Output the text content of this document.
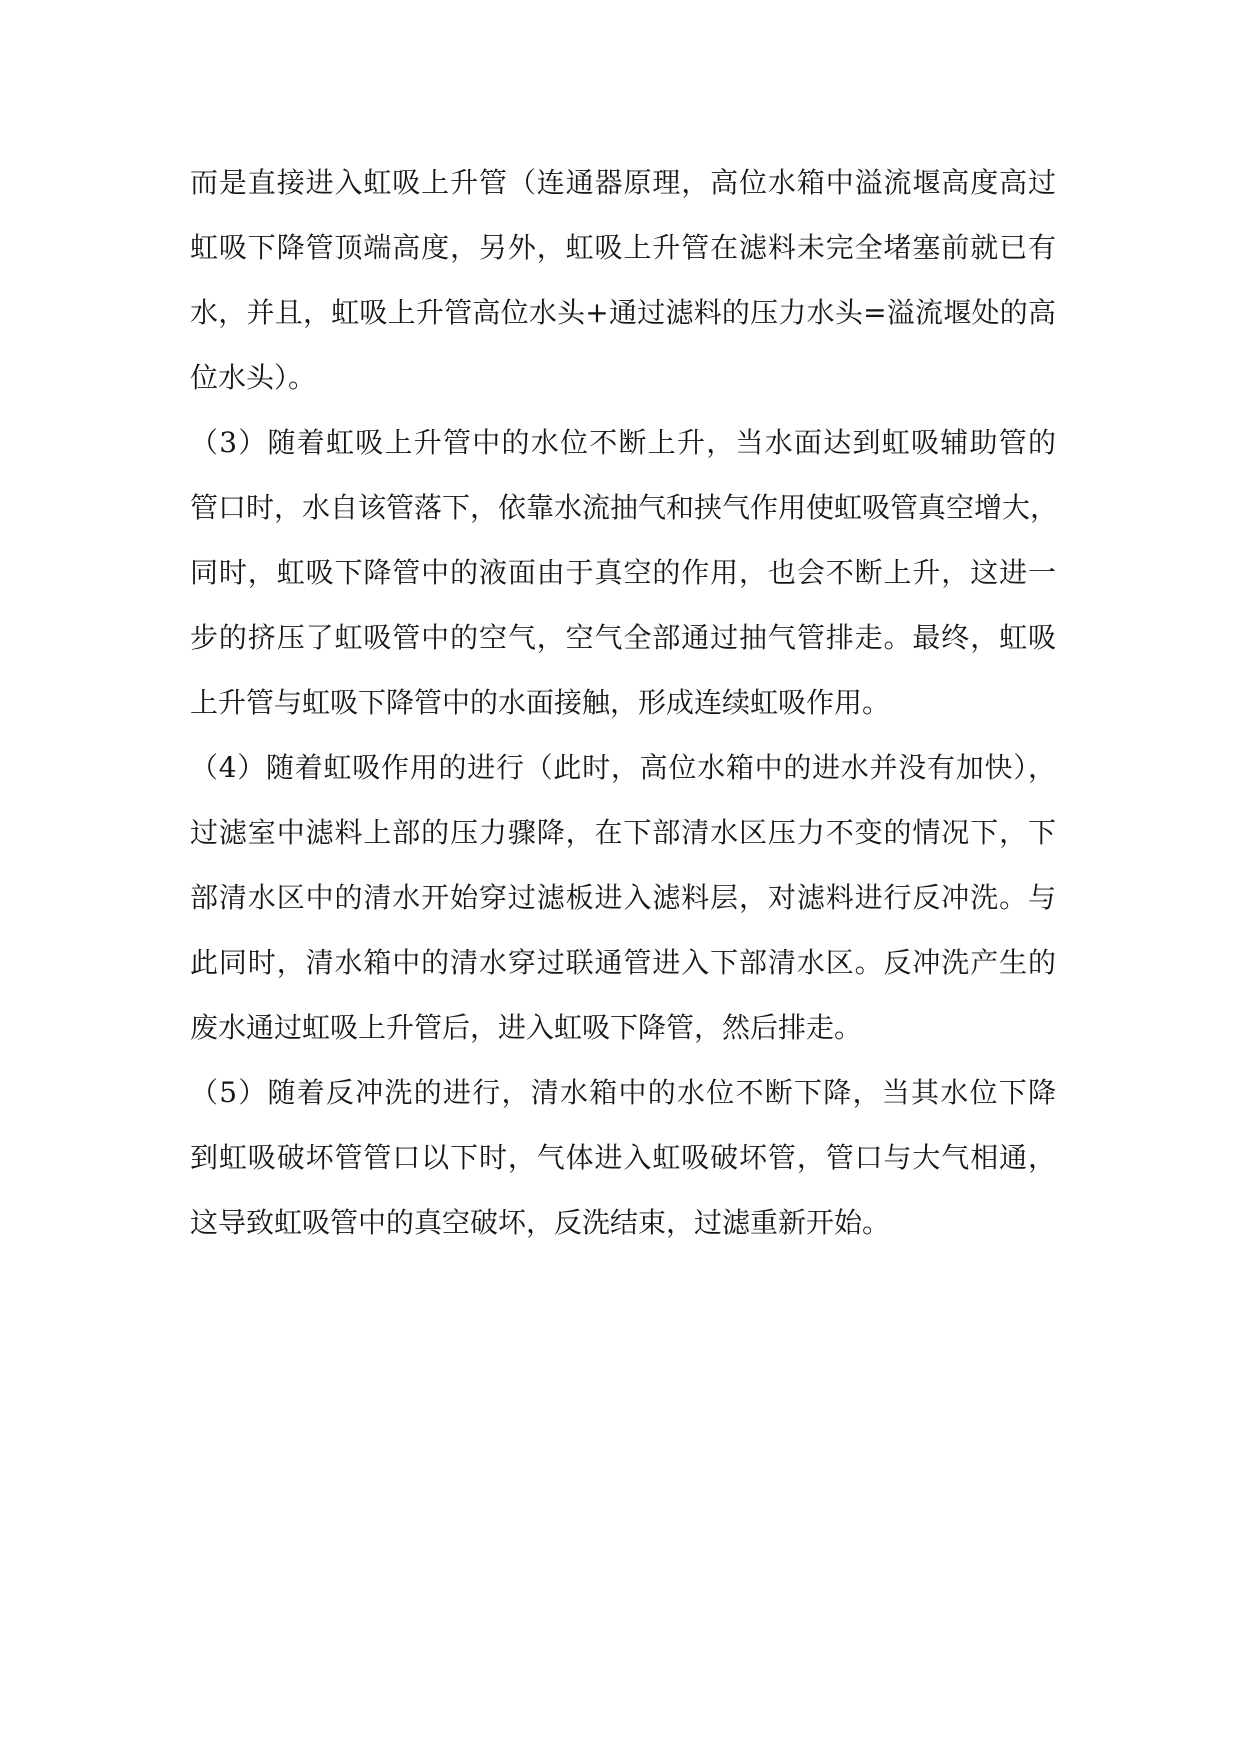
而是直接进入虹吸上升管（连通器原理，高位水箱中溢流堰高度高过
虹吸下降管顶端高度，另外，虹吸上升管在滤料未完全堵塞前就已有
水，并且，虹吸上升管高位水头+通过滤料的压力水头=溢流堰处的高
位水头）。
（3）随着虹吸上升管中的水位不断上升，当水面达到虹吸辅助管的
管口时，水自该管落下，依靠水流抽气和挟气作用使虹吸管真空增大，
同时，虹吸下降管中的液面由于真空的作用，也会不断上升，这进一
步的挤压了虹吸管中的空气，空气全部通过抽气管排走。最终，虹吸
上升管与虹吸下降管中的水面接触，形成连续虹吸作用。
（4）随着虹吸作用的进行（此时，高位水箱中的进水并没有加快），
过滤室中滤料上部的压力骤降，在下部清水区压力不变的情况下，下
部清水区中的清水开始穿过滤板进入滤料层，对滤料进行反冲洗。与
此同时，清水箱中的清水穿过联通管进入下部清水区。反冲洗产生的
废水通过虹吸上升管后，进入虹吸下降管，然后排走。
（5）随着反冲洗的进行，清水箱中的水位不断下降，当其水位下降
到虹吸破坏管管口以下时，气体进入虹吸破坏管，管口与大气相通，
这导致虹吸管中的真空破坏，反洗结束，过滤重新开始。
